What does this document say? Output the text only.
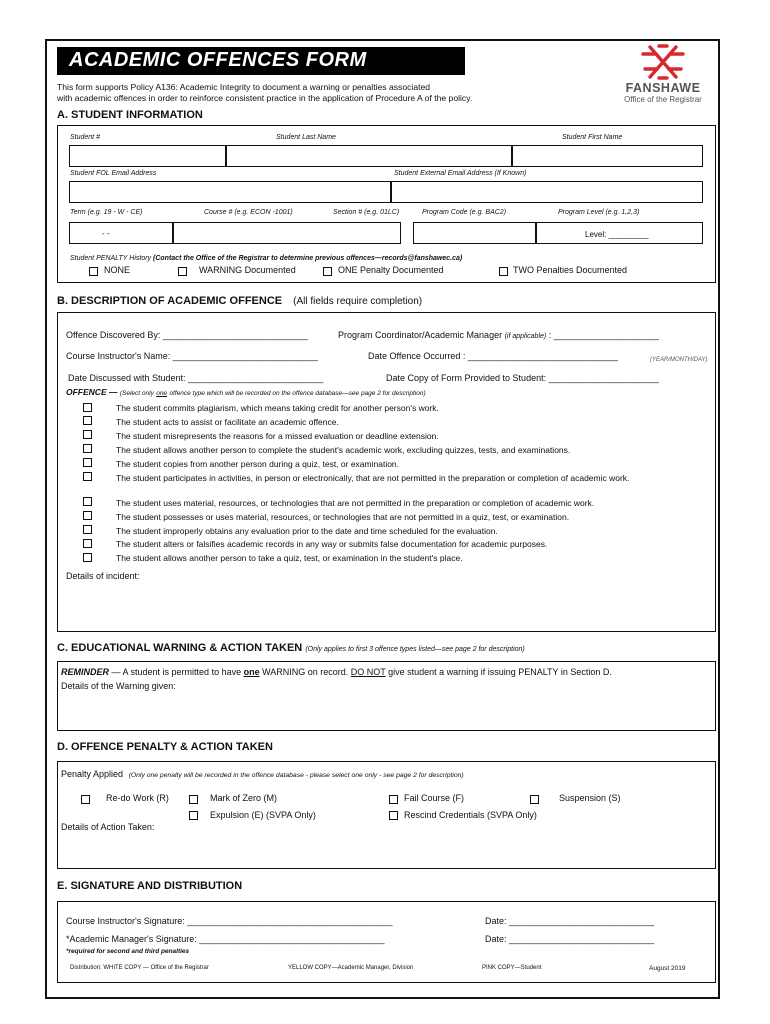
ACADEMIC OFFENCES FORM
This form supports Policy A136: Academic Integrity to document a warning or penalties associated
with academic offences in order to reinforce consistent practice in the application of Procedure A of the policy.
FANSHAWE
Office of the Registrar
A. STUDENT INFORMATION
Student #	Student Last Name	Student First Name
Student FOL Email Address	Student External Email Address (If Known)
Term (e.g. 19 - W - CE)	Course # (e.g. ECON -1001)	Section # (e.g. 01LC)	Program Code (e.g. BAC2)	Program Level (e.g. 1,2,3)
- -	Level: _________
Student PENALTY History (Contact the Office of the Registrar to determine previous offences—records@fanshawec.ca)
NONE	WARNING Documented	ONE Penalty Documented	TWO Penalties Documented
B. DESCRIPTION OF ACADEMIC OFFENCE (All fields require completion)
Offence Discovered By: _____________________________	Program Coordinator/Academic Manager (if applicable) : _____________________
Course Instructor's Name: _____________________________	Date Offence Occurred : ______________________________	(YEAR/MONTH/DAY)
Date Discussed with Student: ___________________________	Date Copy of Form Provided to Student: ______________________
OFFENCE — (Select only one offence type which will be recorded on the offence database—see page 2 for description)
The student commits plagiarism, which means taking credit for another person's work.
The student acts to assist or facilitate an academic offence.
The student misrepresents the reasons for a missed evaluation or deadline extension.
The student allows another person to complete the student's academic work, excluding quizzes, tests, and examinations.
The student copies from another person during a quiz, test, or examination.
The student participates in activities, in person or electronically, that are not permitted in the preparation or completion of academic work.
The student uses material, resources, or technologies that are not permitted in the preparation or completion of academic work.
The student possesses or uses material, resources, or technologies that are not permitted in a quiz, test, or examination.
The student improperly obtains any evaluation prior to the date and time scheduled for the evaluation.
The student alters or falsifies academic records in any way or submits false documentation for academic purposes.
The student allows another person to take a quiz, test, or examination in the student's place.
Details of incident:
C. EDUCATIONAL WARNING & ACTION TAKEN (Only applies to first 3 offence types listed—see page 2 for description)
REMINDER — A student is permitted to have one WARNING on record. DO NOT give student a warning if issuing PENALTY in Section D.
Details of the Warning given:
D. OFFENCE PENALTY & ACTION TAKEN
Penalty Applied (Only one penalty will be recorded in the offence database - please select one only - see page 2 for description)
Re-do Work (R)	Mark of Zero (M)	Fail Course (F)	Suspension (S)
Expulsion (E) (SVPA Only)	Rescind Credentials (SVPA Only)
Details of Action Taken:
E. SIGNATURE AND DISTRIBUTION
Course Instructor's Signature: _________________________________________	Date: _____________________________
*Academic Manager's Signature: _____________________________________	Date: _____________________________
*required for second and third penalties
Distribution: WHITE COPY — Office of the Registrar	YELLOW COPY—Academic Manager, Division	PINK COPY—Student	August 2019
